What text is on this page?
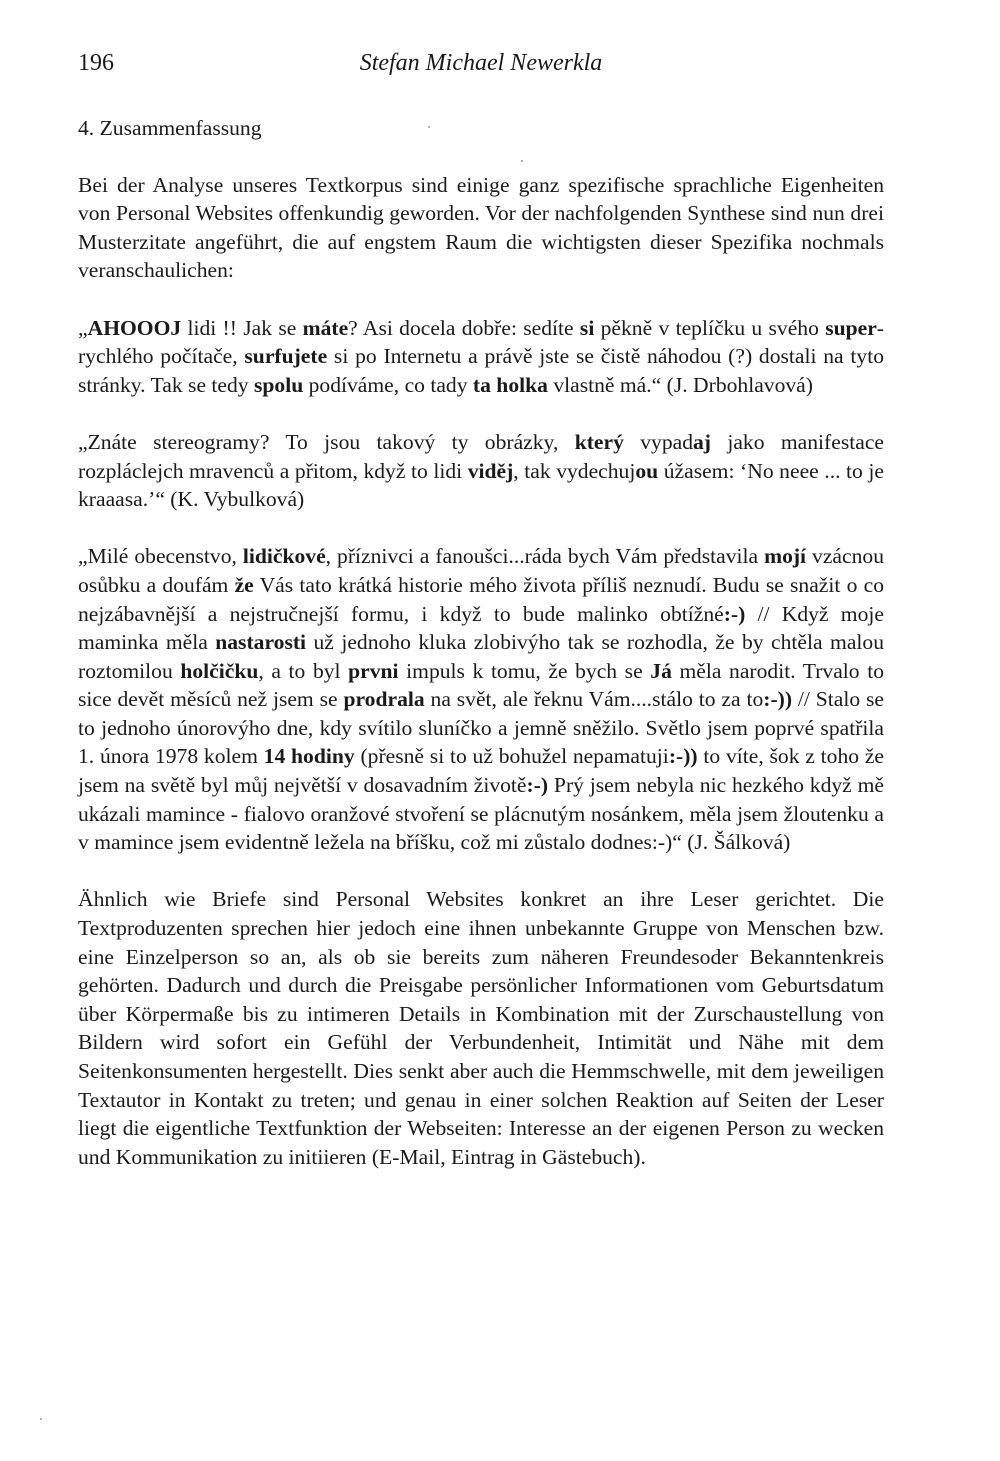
196	Stefan Michael Newerkla
4. Zusammenfassung

Bei der Analyse unseres Textkorpus sind einige ganz spezifische sprachliche Eigenheiten von Personal Websites offenkundig geworden. Vor der nachfolgenden Synthese sind nun drei Musterzitate angeführt, die auf engstem Raum die wichtigsten dieser Spezifika nochmals veranschaulichen:

„AHOOOJ lidi !! Jak se máte? Asi docela dobře: sedíte si pěkně v teplíčku u svého super-rychlého počítače, surfujete si po Internetu a právě jste se čistě náhodou (?) dostali na tyto stránky. Tak se tedy spolu podíváme, co tady ta holka vlastně má.“ (J. Drbohlavová)
„Znáte stereogramy? To jsou takový ty obrázky, který vypadaj jako manifestace rozpláclejch mravenců a přitom, když to lidi viděj, tak vydechujou úžasem: ‘No neee ... to je kraaasa.’“ (K. Vybulková)
„Milé obecenstvo, lidičkové, příznivci a fanoušci...ráda bych Vám představila mojí vzácnou osůbku a doufám že Vás tato krátká historie mého života příliš neznudí. Budu se snažit o co nejzábavnější a nejstručnejší formu, i když to bude malinko obtížné:-) // Když moje maminka měla nastarosti už jednoho kluka zlobivýho tak se rozhodla, že by chtěla malou roztomilou holčičku, a to byl prvni impuls k tomu, že bych se Já měla narodit. Trvalo to sice devět měsíců než jsem se prodrala na svět, ale řeknu Vám....stálo to za to:-)) // Stalo se to jednoho únorovýho dne, kdy svítilo sluníčko a jemně sněžilo. Světlo jsem poprvé spatřila 1. února 1978 kolem 14 hodiny (přesně si to už bohužel nepamatuji:-)) to víte, šok z toho že jsem na světě byl můj největší v dosavadním životě:-) Prý jsem nebyla nic hezkého když mě ukázali mamince - fialovo oranžové stvoření se plácnutým nosánkem, měla jsem žloutenku a v mamince jsem evidentně ležela na bříšku, což mi zůstalo dodnes:-)“ (J. Šálková)

Ähnlich wie Briefe sind Personal Websites konkret an ihre Leser gerichtet. Die Textproduzenten sprechen hier jedoch eine ihnen unbekannte Gruppe von Menschen bzw. eine Einzelperson so an, als ob sie bereits zum näheren Freundesoder Bekanntenkreis gehörten. Dadurch und durch die Preisgabe persönlicher Informationen vom Geburtsdatum über Körpermaße bis zu intimeren Details in Kombination mit der Zurschaustellung von Bildern wird sofort ein Gefühl der Verbundenheit, Intimität und Nähe mit dem Seitenkonsumenten hergestellt. Dies senkt aber auch die Hemmschwelle, mit dem jeweiligen Textautor in Kontakt zu treten; und genau in einer solchen Reaktion auf Seiten der Leser liegt die eigentliche Textfunktion der Webseiten: Interesse an der eigenen Person zu wecken und Kommunikation zu initiieren (E-Mail, Eintrag in Gästebuch).
